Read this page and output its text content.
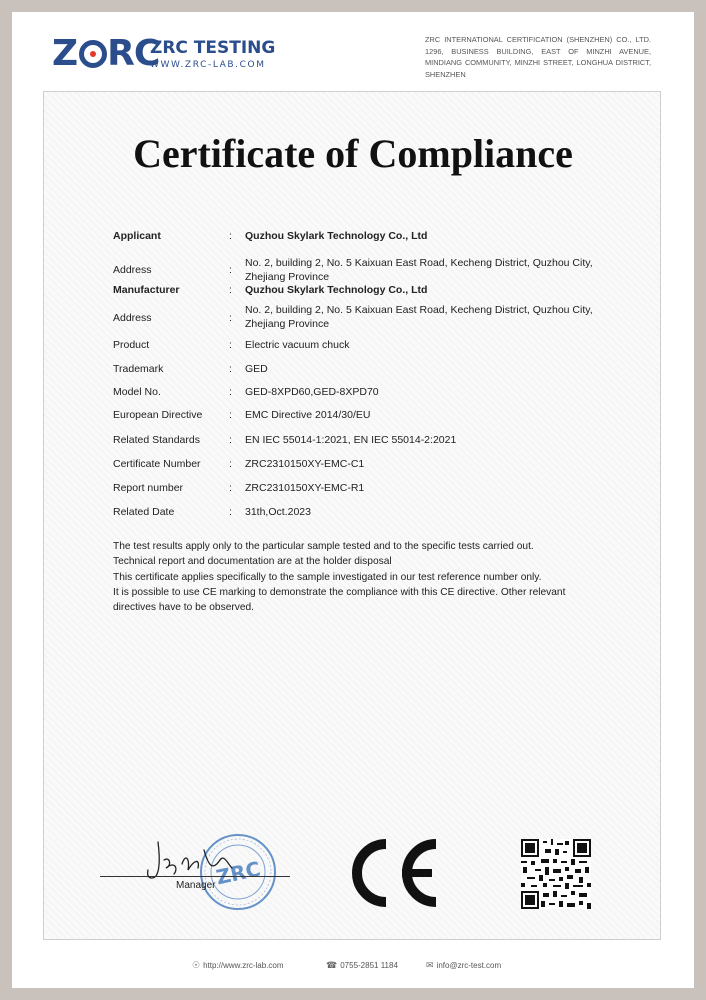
Z RC
ZRC TESTING
WWW.ZRC-LAB.COM
ZRC INTERNATIONAL CERTIFICATION (SHENZHEN) CO., LTD. 1296, BUSINESS BUILDING, EAST OF MINZHI AVENUE, MINDIANG COMMUNITY, MINZHI STREET, LONGHUA DISTRICT, SHENZHEN
Certificate of Compliance
Applicant	: Quzhou Skylark Technology Co., Ltd
Address	:
No. 2, building 2, No. 5 Kaixuan East Road, Kecheng District, Quzhou City, Zhejiang Province
Manufacturer	: Quzhou Skylark Technology Co., Ltd
Address	:
No. 2, building 2, No. 5 Kaixuan East Road, Kecheng District, Quzhou City, Zhejiang Province
Product	: Electric vacuum chuck
Trademark	: GED
Model No.	: GED-8XPD60,GED-8XPD70
European Directive	: EMC Directive 2014/30/EU
Related Standards	: EN IEC 55014-1:2021, EN IEC 55014-2:2021
Certificate Number	: ZRC2310150XY-EMC-C1
Report number	: ZRC2310150XY-EMC-R1
Related Date	: 31th,Oct.2023
The test results apply only to the particular sample tested and to the specific tests carried out.
Technical report and documentation are at the holder disposal
This certificate applies specifically to the sample investigated in our test reference number only.
It is possible to use CE marking to demonstrate the compliance with this CE directive. Other relevant directives have to be observed.
ZRC
Manager
☉ http://www.zrc-lab.com	☎ 0755-2851 1184	✉ info@zrc-test.com
